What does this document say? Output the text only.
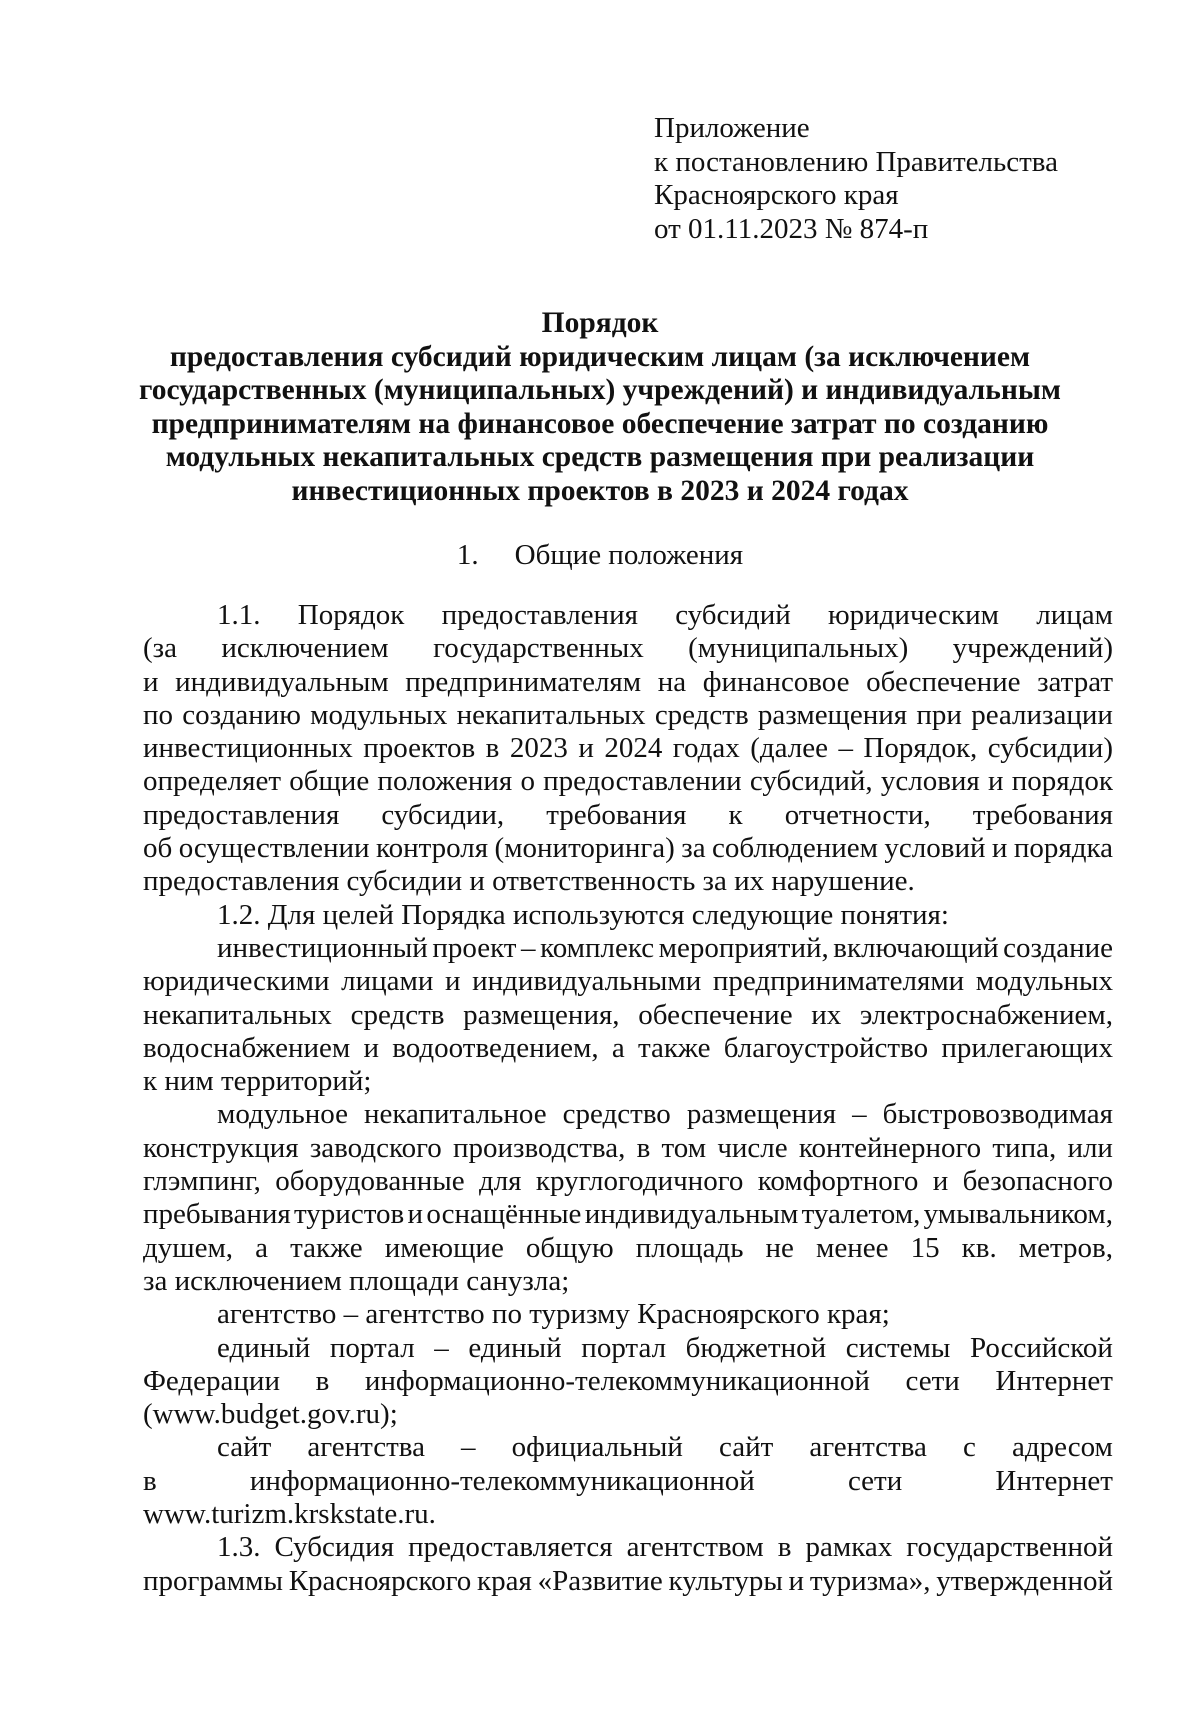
Приложение
к постановлению Правительства
Красноярского края
от 01.11.2023 № 874-п
Порядок
предоставления субсидий юридическим лицам (за исключением
государственных (муниципальных) учреждений) и индивидуальным
предпринимателям на финансовое обеспечение затрат по созданию
модульных некапитальных средств размещения при реализации
инвестиционных проектов в 2023 и 2024 годах
1. Общие положения
1.1. Порядок предоставления субсидий юридическим лицам
(за исключением государственных (муниципальных) учреждений)
и индивидуальным предпринимателям на финансовое обеспечение затрат
по созданию модульных некапитальных средств размещения при реализации
инвестиционных проектов в 2023 и 2024 годах (далее – Порядок, субсидии)
определяет общие положения о предоставлении субсидий, условия и порядок
предоставления субсидии, требования к отчетности, требования
об осуществлении контроля (мониторинга) за соблюдением условий и порядка
предоставления субсидии и ответственность за их нарушение.
1.2. Для целей Порядка используются следующие понятия:
инвестиционный проект – комплекс мероприятий, включающий создание
юридическими лицами и индивидуальными предпринимателями модульных
некапитальных средств размещения, обеспечение их электроснабжением,
водоснабжением и водоотведением, а также благоустройство прилегающих
к ним территорий;
модульное некапитальное средство размещения – быстровозводимая
конструкция заводского производства, в том числе контейнерного типа, или
глэмпинг, оборудованные для круглогодичного комфортного и безопасного
пребывания туристов и оснащённые индивидуальным туалетом, умывальником,
душем, а также имеющие общую площадь не менее 15 кв. метров,
за исключением площади санузла;
агентство – агентство по туризму Красноярского края;
единый портал – единый портал бюджетной системы Российской
Федерации в информационно-телекоммуникационной сети Интернет
(www.budget.gov.ru);
сайт агентства – официальный сайт агентства с адресом
в	информационно-телекоммуникационной	сети	Интернет
www.turizm.krskstate.ru.
1.3. Субсидия предоставляется агентством в рамках государственной
программы Красноярского края «Развитие культуры и туризма», утвержденной
